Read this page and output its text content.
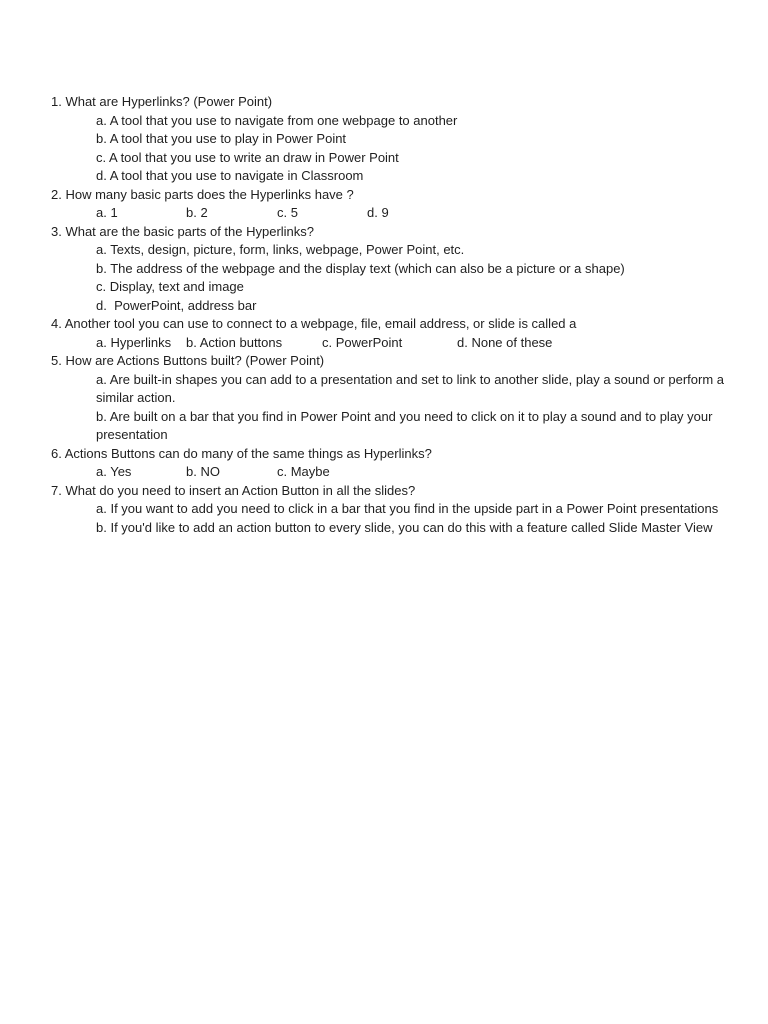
1. What are Hyperlinks? (Power Point)
a. A tool that you use to navigate from one webpage to another
b. A tool that you use to play in Power Point
c. A tool that you use to write an draw in Power Point
d. A tool that you use to navigate in Classroom
2. How many basic parts does the Hyperlinks have ?
a. 1	b. 2	c. 5	d. 9
3. What are the basic parts of the Hyperlinks?
a. Texts, design, picture, form, links, webpage, Power Point, etc.
b. The address of the webpage and the display text (which can also be a picture or a shape)
c. Display, text and image
d.  PowerPoint, address bar
4. Another tool you can use to connect to a webpage, file, email address, or slide is called a
a. Hyperlinks b. Action buttons	c. PowerPoint	d. None of these
5. How are Actions Buttons built? (Power Point)
a. Are built-in shapes you can add to a presentation and set to link to another slide, play a sound or perform a similar action.
b. Are built on a bar that you find in Power Point and you need to click on it to play a sound and to play your presentation
6. Actions Buttons can do many of the same things as Hyperlinks?
a. Yes	b. NO	c. Maybe
7. What do you need to insert an Action Button in all the slides?
a. If you want to add you need to click in a bar that you find in the upside part in a Power Point presentations
b. If you'd like to add an action button to every slide, you can do this with a feature called Slide Master View
